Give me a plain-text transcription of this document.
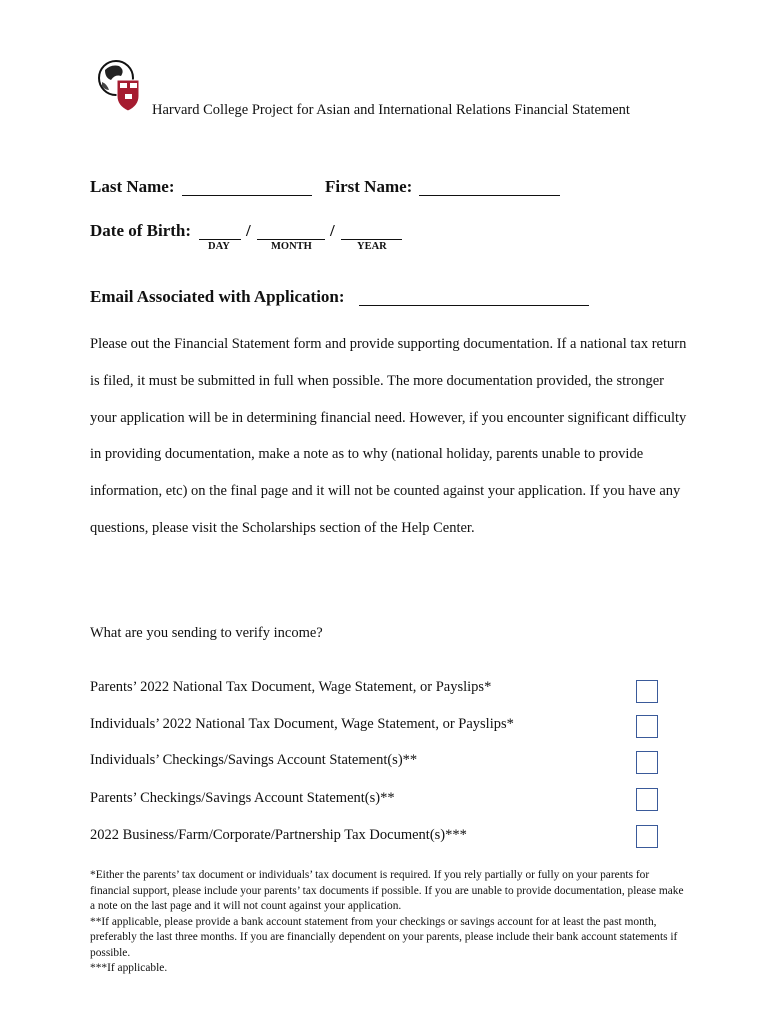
Harvard College Project for Asian and International Relations Financial Statement
Last Name:	First Name:
Date of Birth:	/	/
DAY	MONTH	YEAR
Email Associated with Application:

Please out the Financial Statement form and provide supporting documentation. If a national tax return is filed, it must be submitted in full when possible. The more documentation provided, the stronger your application will be in determining financial need. However, if you encounter significant difficulty in providing documentation, make a note as to why (national holiday, parents unable to provide information, etc) on the final page and it will not be counted against your application. If you have any questions, please visit the Scholarships section of the Help Center.

What are you sending to verify income?
Parents’ 2022 National Tax Document, Wage Statement, or Payslips*
Individuals’ 2022 National Tax Document, Wage Statement, or Payslips*
Individuals’ Checkings/Savings Account Statement(s)**
Parents’ Checkings/Savings Account Statement(s)**
2022 Business/Farm/Corporate/Partnership Tax Document(s)***
*Either the parents’ tax document or individuals’ tax document is required. If you rely partially or fully on your parents for financial support, please include your parents’ tax documents if possible. If you are unable to provide documentation, please make a note on the last page and it will not count against your application.
**If applicable, please provide a bank account statement from your checkings or savings account for at least the past month, preferably the last three months. If you are financially dependent on your parents, please include their bank account statements if possible.
***If applicable.
